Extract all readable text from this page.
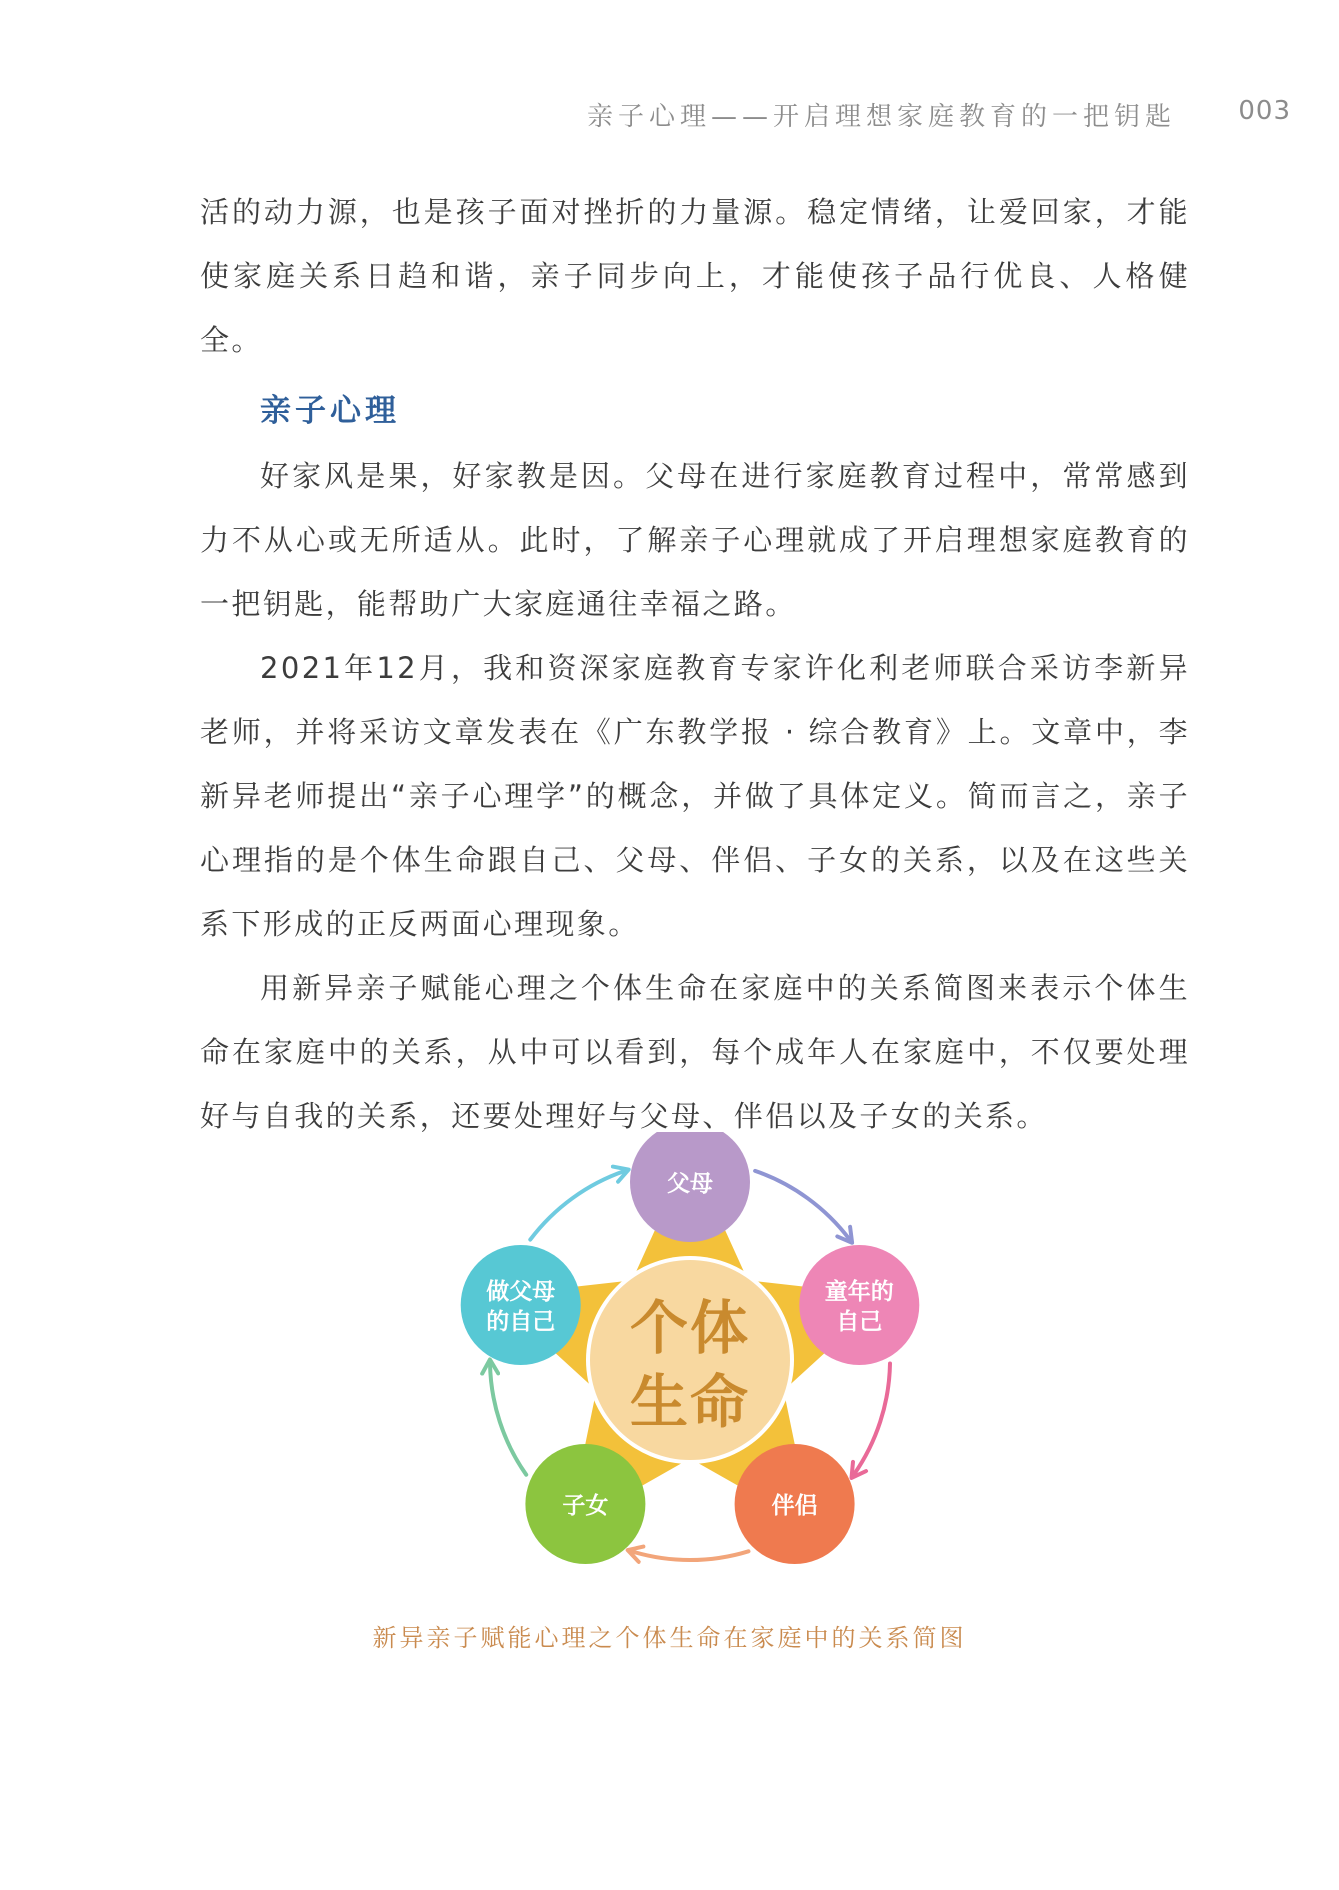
亲子心理——开启理想家庭教育的一把钥匙 003

活的动力源，也是孩子面对挫折的力量源。稳定情绪，让爱回家，才能使家庭关系日趋和谐，亲子同步向上，才能使孩子品行优良、人格健全。

亲子心理

好家风是果，好家教是因。父母在进行家庭教育过程中，常常感到力不从心或无所适从。此时，了解亲子心理就成了开启理想家庭教育的一把钥匙，能帮助广大家庭通往幸福之路。

2021年12月，我和资深家庭教育专家许化利老师联合采访李新异老师，并将采访文章发表在《广东教学报 · 综合教育》上。文章中，李新异老师提出“亲子心理学”的概念，并做了具体定义。简而言之，亲子心理指的是个体生命跟自己、父母、伴侣、子女的关系，以及在这些关系下形成的正反两面心理现象。

用新异亲子赋能心理之个体生命在家庭中的关系简图来表示个体生命在家庭中的关系，从中可以看到，每个成年人在家庭中，不仅要处理好与自我的关系，还要处理好与父母、伴侣以及子女的关系。

个体
生命
父母
童年的
自己
伴侣
子女
做父母
的自己
新异亲子赋能心理之个体生命在家庭中的关系简图
